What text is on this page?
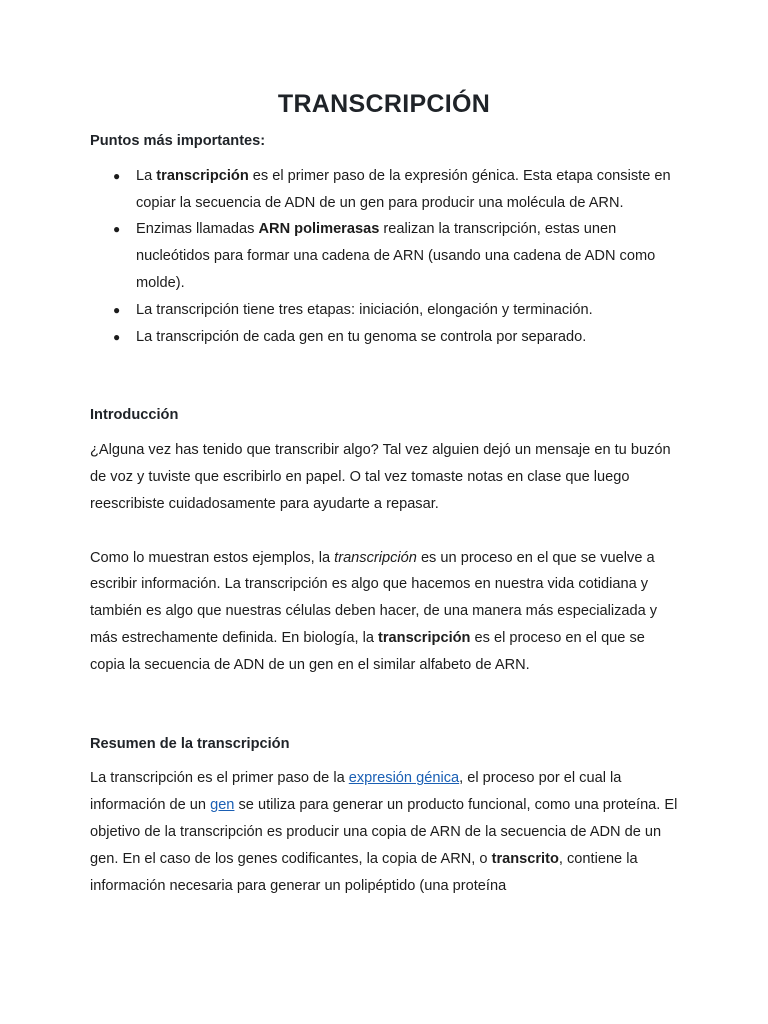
TRANSCRIPCIÓN

Puntos más importantes:

● La transcripción es el primer paso de la expresión génica. Esta etapa consiste en copiar la secuencia de ADN de un gen para producir una molécula de ARN.
● Enzimas llamadas ARN polimerasas realizan la transcripción, estas unen nucleótidos para formar una cadena de ARN (usando una cadena de ADN como molde).
● La transcripción tiene tres etapas: iniciación, elongación y terminación.
● La transcripción de cada gen en tu genoma se controla por separado.

Introducción

¿Alguna vez has tenido que transcribir algo? Tal vez alguien dejó un mensaje en tu buzón de voz y tuviste que escribirlo en papel. O tal vez tomaste notas en clase que luego reescribiste cuidadosamente para ayudarte a repasar.

Como lo muestran estos ejemplos, la transcripción es un proceso en el que se vuelve a escribir información. La transcripción es algo que hacemos en nuestra vida cotidiana y también es algo que nuestras células deben hacer, de una manera más especializada y más estrechamente definida. En biología, la transcripción es el proceso en el que se copia la secuencia de ADN de un gen en el similar alfabeto de ARN.

Resumen de la transcripción

La transcripción es el primer paso de la expresión génica, el proceso por el cual la información de un gen se utiliza para generar un producto funcional, como una proteína. El objetivo de la transcripción es producir una copia de ARN de la secuencia de ADN de un gen. En el caso de los genes codificantes, la copia de ARN, o transcrito, contiene la información necesaria para generar un polipéptido (una proteína
